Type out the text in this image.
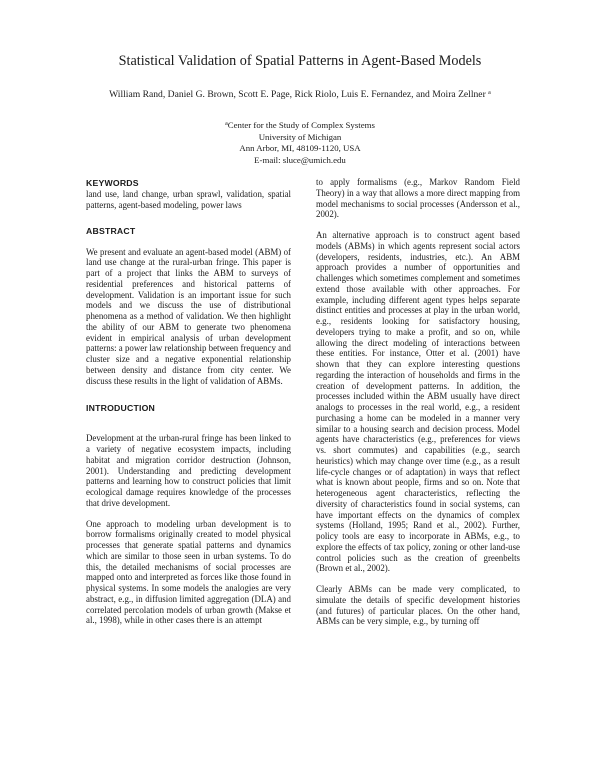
Statistical Validation of Spatial Patterns in Agent-Based Models
William Rand, Daniel G. Brown, Scott E. Page, Rick Riolo, Luis E. Fernandez, and Moira Zellner $^a$
$^a$Center for the Study of Complex Systems
University of Michigan
Ann Arbor, MI, 48109-1120, USA
E-mail: sluce@umich.edu
KEYWORDS

land use, land change, urban sprawl, validation, spatial patterns, agent-based modeling, power laws

ABSTRACT

We present and evaluate an agent-based model (ABM) of land use change at the rural-urban fringe. This paper is part of a project that links the ABM to surveys of residential preferences and historical patterns of development. Validation is an important issue for such models and we discuss the use of distributional phenomena as a method of validation. We then highlight the ability of our ABM to generate two phenomena evident in empirical analysis of urban development patterns: a power law relationship between frequency and cluster size and a negative exponential relationship between density and distance from city center. We discuss these results in the light of validation of ABMs.

INTRODUCTION

Development at the urban-rural fringe has been linked to a variety of negative ecosystem impacts, including habitat and migration corridor destruction (Johnson, 2001). Understanding and predicting development patterns and learning how to construct policies that limit ecological damage requires knowledge of the processes that drive development.

One approach to modeling urban development is to borrow formalisms originally created to model physical processes that generate spatial patterns and dynamics which are similar to those seen in urban systems. To do this, the detailed mechanisms of social processes are mapped onto and interpreted as forces like those found in physical systems. In some models the analogies are very abstract, e.g., in diffusion limited aggregation (DLA) and correlated percolation models of urban growth (Makse et al., 1998), while in other cases there is an attempt

to apply formalisms (e.g., Markov Random Field Theory) in a way that allows a more direct mapping from model mechanisms to social processes (Andersson et al., 2002).

An alternative approach is to construct agent based models (ABMs) in which agents represent social actors (developers, residents, industries, etc.). An ABM approach provides a number of opportunities and challenges which sometimes complement and sometimes extend those available with other approaches. For example, including different agent types helps separate distinct entities and processes at play in the urban world, e.g., residents looking for satisfactory housing, developers trying to make a profit, and so on, while allowing the direct modeling of interactions between these entities. For instance, Otter et al. (2001) have shown that they can explore interesting questions regarding the interaction of households and firms in the creation of development patterns. In addition, the processes included within the ABM usually have direct analogs to processes in the real world, e.g., a resident purchasing a home can be modeled in a manner very similar to a housing search and decision process. Model agents have characteristics (e.g., preferences for views vs. short commutes) and capabilities (e.g., search heuristics) which may change over time (e.g., as a result life-cycle changes or of adaptation) in ways that reflect what is known about people, firms and so on. Note that heterogeneous agent characteristics, reflecting the diversity of characteristics found in social systems, can have important effects on the dynamics of complex systems (Holland, 1995; Rand et al., 2002). Further, policy tools are easy to incorporate in ABMs, e.g., to explore the effects of tax policy, zoning or other land-use control policies such as the creation of greenbelts (Brown et al., 2002).

Clearly ABMs can be made very complicated, to simulate the details of specific development histories (and futures) of particular places. On the other hand, ABMs can be very simple, e.g., by turning off
